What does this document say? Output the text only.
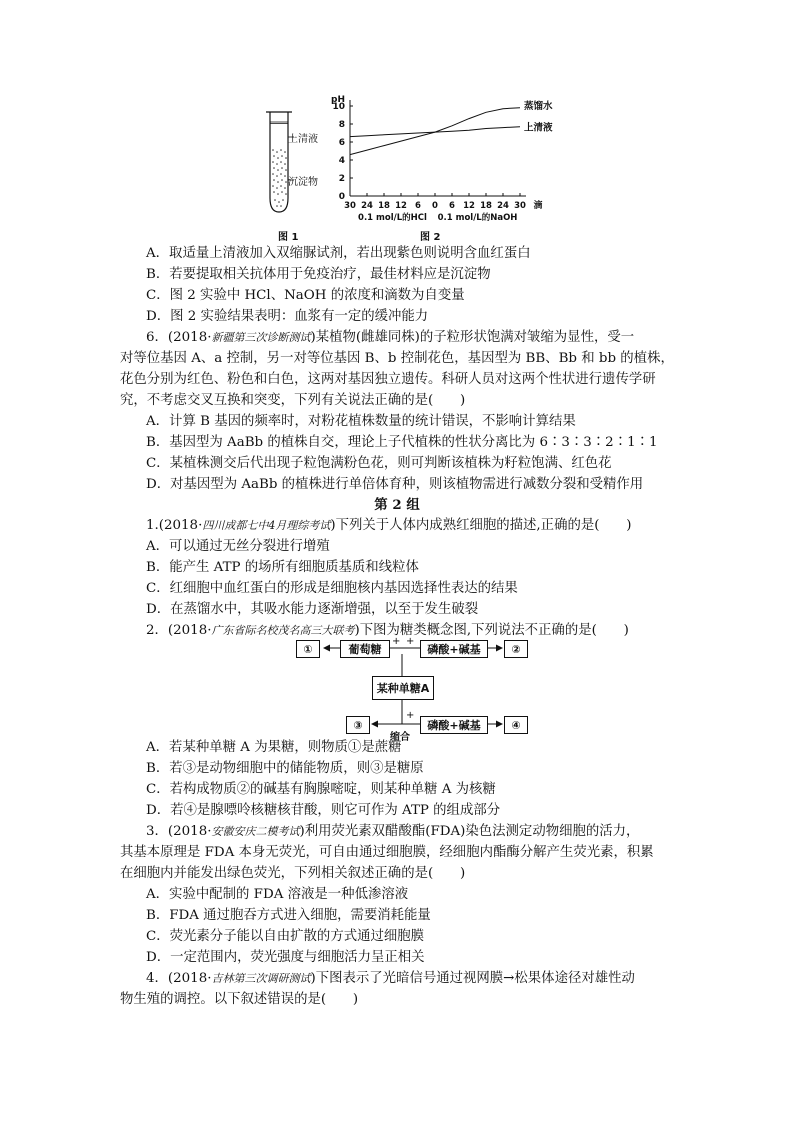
上清液
沉淀物
图 1
pH
10
8
6
4
2
0
30 24 18 12 6 0 6 12 18 24 30 滴
0.1 mol/L的HCl 0.1 mol/L的NaOH
蒸馏水
上清液
图 2
A．取适量上清液加入双缩脲试剂，若出现紫色则说明含血红蛋白
B．若要提取相关抗体用于免疫治疗，最佳材料应是沉淀物
C．图 2 实验中 HCl、NaOH 的浓度和滴数为自变量
D．图 2 实验结果表明：血浆有一定的缓冲能力
6．(2018·新疆第三次诊断测试)某植物(雌雄同株)的子粒形状饱满对皱缩为显性，受一
对等位基因 A、a 控制，另一对等位基因 B、b 控制花色，基因型为 BB、Bb 和 bb 的植株，
花色分别为红色、粉色和白色，这两对基因独立遗传。科研人员对这两个性状进行遗传学研
究，不考虑交叉互换和突变，下列有关说法正确的是(　　)
A．计算 B 基因的频率时，对粉花植株数量的统计错误，不影响计算结果
B．基因型为 AaBb 的植株自交，理论上子代植株的性状分离比为 6∶3∶3∶2∶1∶1
C．某植株测交后代出现子粒饱满粉色花，则可判断该植株为籽粒饱满、红色花
D．对基因型为 AaBb 的植株进行单倍体育种，则该植物需进行减数分裂和受精作用
第 2 组
1.(2018·四川成都七中4月理综考试)下列关于人体内成熟红细胞的描述,正确的是(　　)
A．可以通过无丝分裂进行增殖
B．能产生 ATP 的场所有细胞质基质和线粒体
C．红细胞中血红蛋白的形成是细胞核内基因选择性表达的结果
D．在蒸馏水中，其吸水能力逐渐增强，以至于发生破裂
2．(2018·广东省际名校茂名高三大联考)下图为糖类概念图,下列说法不正确的是(　　)
①	葡萄糖
+ +
磷酸+碱基	②
某种单糖A
③
+
磷酸+碱基	④
缩合
A．若某种单糖 A 为果糖，则物质①是蔗糖
B．若③是动物细胞中的储能物质，则③是糖原
C．若构成物质②的碱基有胸腺嘧啶，则某种单糖 A 为核糖
D．若④是腺嘌呤核糖核苷酸，则它可作为 ATP 的组成部分
3．(2018·安徽安庆二模考试)利用荧光素双醋酸酯(FDA)染色法测定动物细胞的活力，
其基本原理是 FDA 本身无荧光，可自由通过细胞膜，经细胞内酯酶分解产生荧光素，积累
在细胞内并能发出绿色荧光，下列相关叙述正确的是(　　)
A．实验中配制的 FDA 溶液是一种低渗溶液
B．FDA 通过胞吞方式进入细胞，需要消耗能量
C．荧光素分子能以自由扩散的方式通过细胞膜
D．一定范围内，荧光强度与细胞活力呈正相关
4．(2018·吉林第三次调研测试)下图表示了光暗信号通过视网膜→松果体途径对雄性动
物生殖的调控。以下叙述错误的是(　　)
